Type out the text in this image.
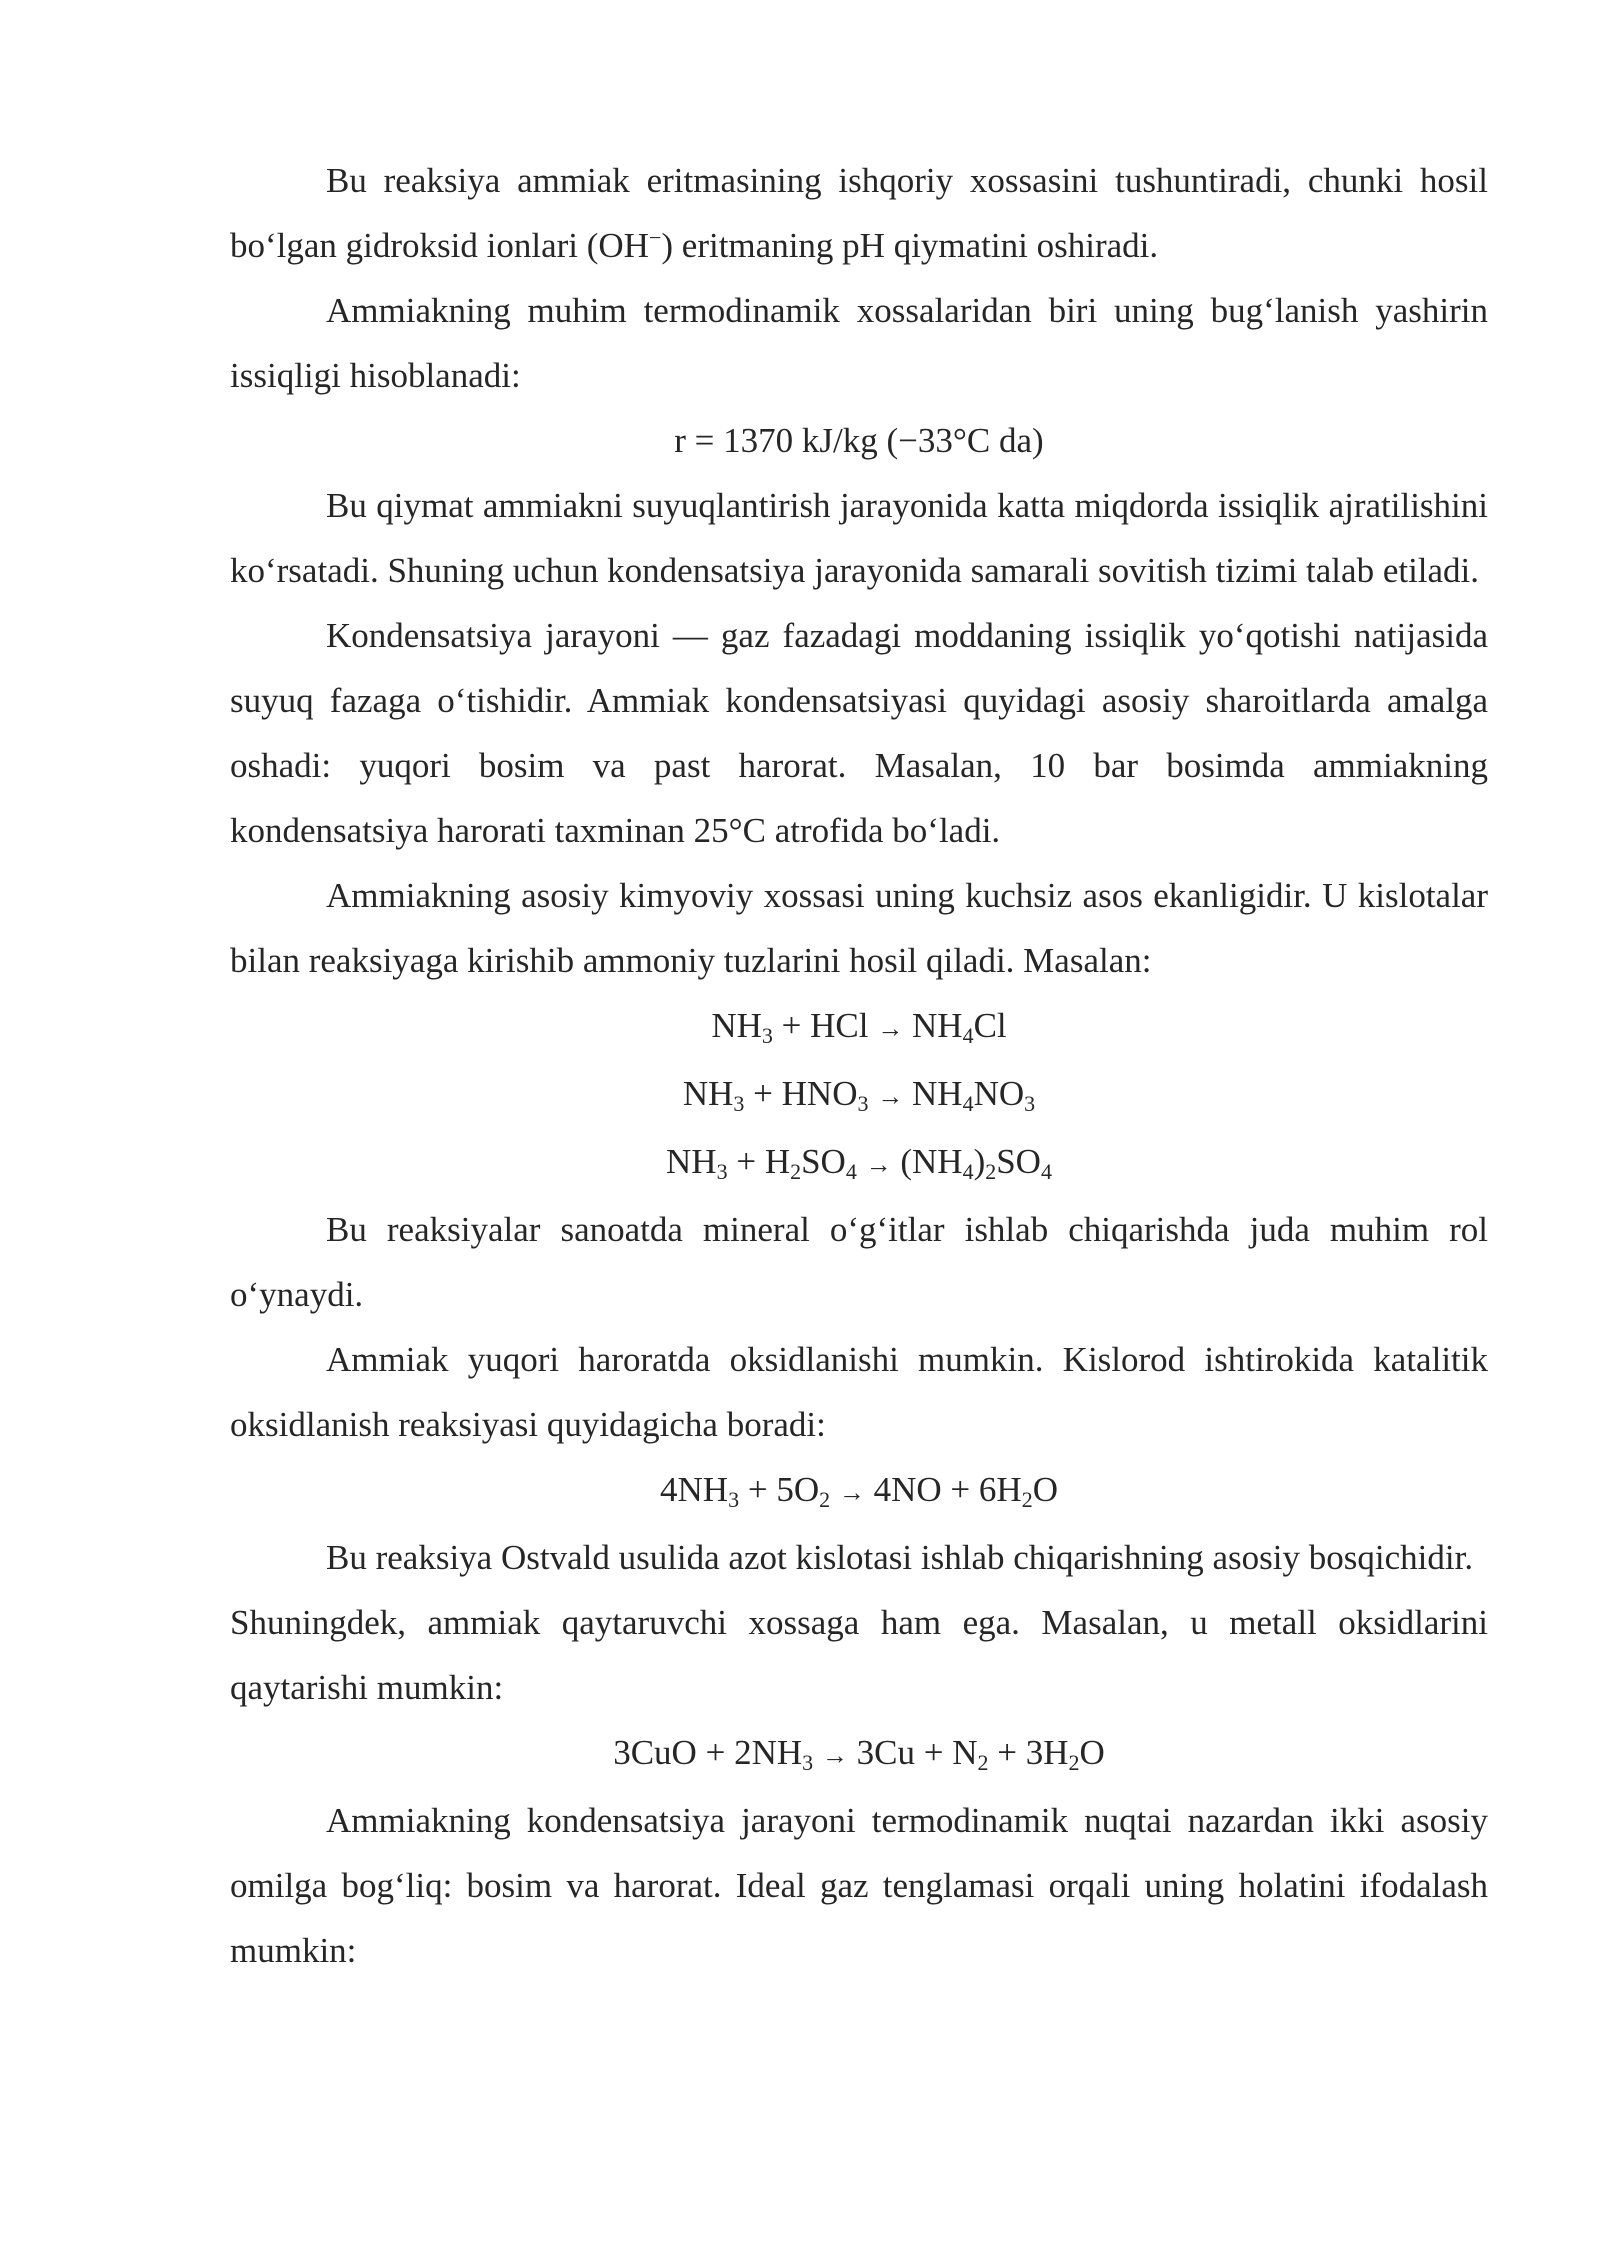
Bu reaksiya ammiak eritmasining ishqoriy xossasini tushuntiradi, chunki hosil bo‘lgan gidroksid ionlari (OH−) eritmaning pH qiymatini oshiradi.

Ammiakning muhim termodinamik xossalaridan biri uning bug‘lanish yashirin issiqligi hisoblanadi:

r = 1370 kJ/kg (−33°C da)

Bu qiymat ammiakni suyuqlantirish jarayonida katta miqdorda issiqlik ajratilishini ko‘rsatadi. Shuning uchun kondensatsiya jarayonida samarali sovitish tizimi talab etiladi.

Kondensatsiya jarayoni — gaz fazadagi moddaning issiqlik yo‘qotishi natijasida suyuq fazaga o‘tishidir. Ammiak kondensatsiyasi quyidagi asosiy sharoitlarda amalga oshadi: yuqori bosim va past harorat. Masalan, 10 bar bosimda ammiakning kondensatsiya harorati taxminan 25°C atrofida bo‘ladi.

Ammiakning asosiy kimyoviy xossasi uning kuchsiz asos ekanligidir. U kislotalar bilan reaksiyaga kirishib ammoniy tuzlarini hosil qiladi. Masalan:

$NH_3$ + HCl → $NH_4Cl$

$NH_3 + HNO_3 \to NH_4NO_3$

$NH_3 + H_2SO_4 \to (NH_4)_2SO_4$

Bu reaksiyalar sanoatda mineral o‘g‘itlar ishlab chiqarishda juda muhim rol o‘ynaydi.

Ammiak yuqori haroratda oksidlanishi mumkin. Kislorod ishtirokida katalitik oksidlanish reaksiyasi quyidagicha boradi:

$4NH_3 + 5O_2 \to 4NO + 6H_2O$

Bu reaksiya Ostvald usulida azot kislotasi ishlab chiqarishning asosiy bosqichidir.

Shuningdek, ammiak qaytaruvchi xossaga ham ega. Masalan, u metall oksidlarini qaytarishi mumkin:

$3CuO + 2NH_3 \to 3Cu + N_2 + 3H_2O$

Ammiakning kondensatsiya jarayoni termodinamik nuqtai nazardan ikki asosiy omilga bog‘liq: bosim va harorat. Ideal gaz tenglamasi orqali uning holatini ifodalash mumkin:
